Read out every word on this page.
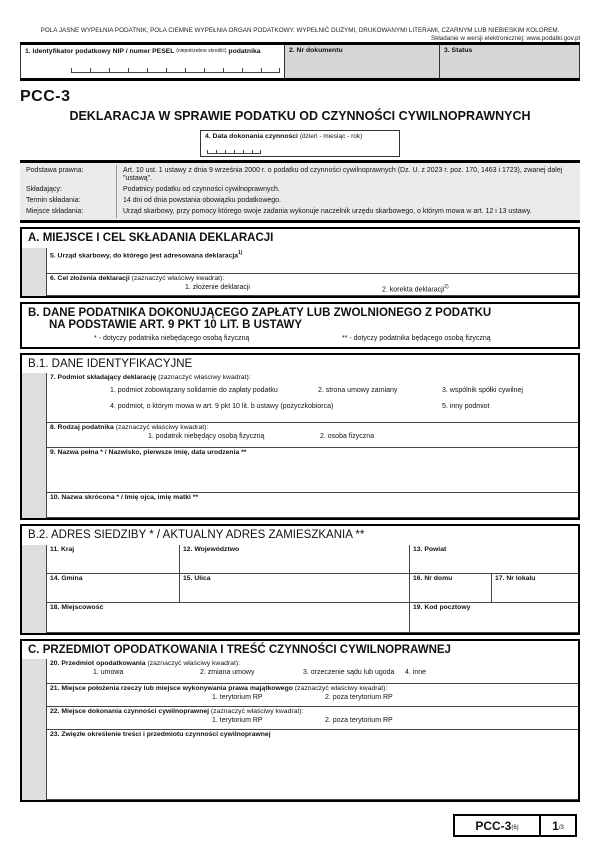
POLA JASNE WYPEŁNIA PODATNIK, POLA CIEMNE WYPEŁNIA ORGAN PODATKOWY. WYPEŁNIĆ DUŻYMI, DRUKOWANYMI LITERAMI, CZARNYM LUB NIEBIESKIM KOLOREM.
Składanie w wersji elektronicznej: www.podatki.gov.pl
1. Identyfikator podatkowy NIP / numer PESEL (niepotrzebne skreślić) podatnika	2. Nr dokumentu	3. Status
PCC-3
DEKLARACJA W SPRAWIE PODATKU OD CZYNNOŚCI CYWILNOPRAWNYCH
4. Data dokonania czynności (dzień - miesiąc - rok)
Podstawa prawna:	Art. 10 ust. 1 ustawy z dnia 9 września 2000 r. o podatku od czynności cywilnoprawnych (Dz. U. z 2023 r. poz. 170, 1463 i 1723), zwanej dalej "ustawą".
Składający:	Podatnicy podatku od czynności cywilnoprawnych.
Termin składania:	14 dni od dnia powstania obowiązku podatkowego.
Miejsce składania:	Urząd skarbowy, przy pomocy którego swoje zadania wykonuje naczelnik urzędu skarbowego, o którym mowa w art. 12 i 13 ustawy.
A. MIEJSCE I CEL SKŁADANIA DEKLARACJI
5. Urząd skarbowy, do którego jest adresowana deklaracja$^{1)}$
6. Cel złożenia deklaracji (zaznaczyć właściwy kwadrat):
1. złożenie deklaracji	2. korekta deklaracji$^{2)}$
B. DANE PODATNIKA DOKONUJĄCEGO ZAPŁATY LUB ZWOLNIONEGO Z PODATKU
NA PODSTAWIE ART. 9 PKT 10 LIT. B USTAWY
* - dotyczy podatnika niebędącego osobą fizyczną	** - dotyczy podatnika będącego osobą fizyczną
B.1. DANE IDENTYFIKACYJNE
7. Podmiot składający deklarację (zaznaczyć właściwy kwadrat):
1. podmiot zobowiązany solidarnie do zapłaty podatku	2. strona umowy zamiany	3. wspólnik spółki cywilnej
4. podmiot, o którym mowa w art. 9 pkt 10 lit. b ustawy (pożyczkobiorca)	5. inny podmiot
8. Rodzaj podatnika (zaznaczyć właściwy kwadrat):
1. podatnik niebędący osobą fizyczną	2. osoba fizyczna
9. Nazwa pełna * / Nazwisko, pierwsze imię, data urodzenia **
10. Nazwa skrócona * / Imię ojca, imię matki **
B.2. ADRES SIEDZIBY * / AKTUALNY ADRES ZAMIESZKANIA **
11. Kraj	12. Województwo	13. Powiat
14. Gmina	15. Ulica	16. Nr domu	17. Nr lokalu
18. Miejscowość	19. Kod pocztowy
C. PRZEDMIOT OPODATKOWANIA I TREŚĆ CZYNNOŚCI CYWILNOPRAWNEJ
20. Przedmiot opodatkowania (zaznaczyć właściwy kwadrat):
1. umowa	2. zmiana umowy	3. orzeczenie sądu lub ugoda 4. inne
21. Miejsce położenia rzeczy lub miejsce wykonywania prawa majątkowego (zaznaczyć właściwy kwadrat):
1. terytorium RP	2. poza terytorium RP
22. Miejsce dokonania czynności cywilnoprawnej (zaznaczyć właściwy kwadrat):
1. terytorium RP	2. poza terytorium RP
23. Zwięzłe określenie treści i przedmiotu czynności cywilnoprawnej
PCC-3 (6)	1 /3
